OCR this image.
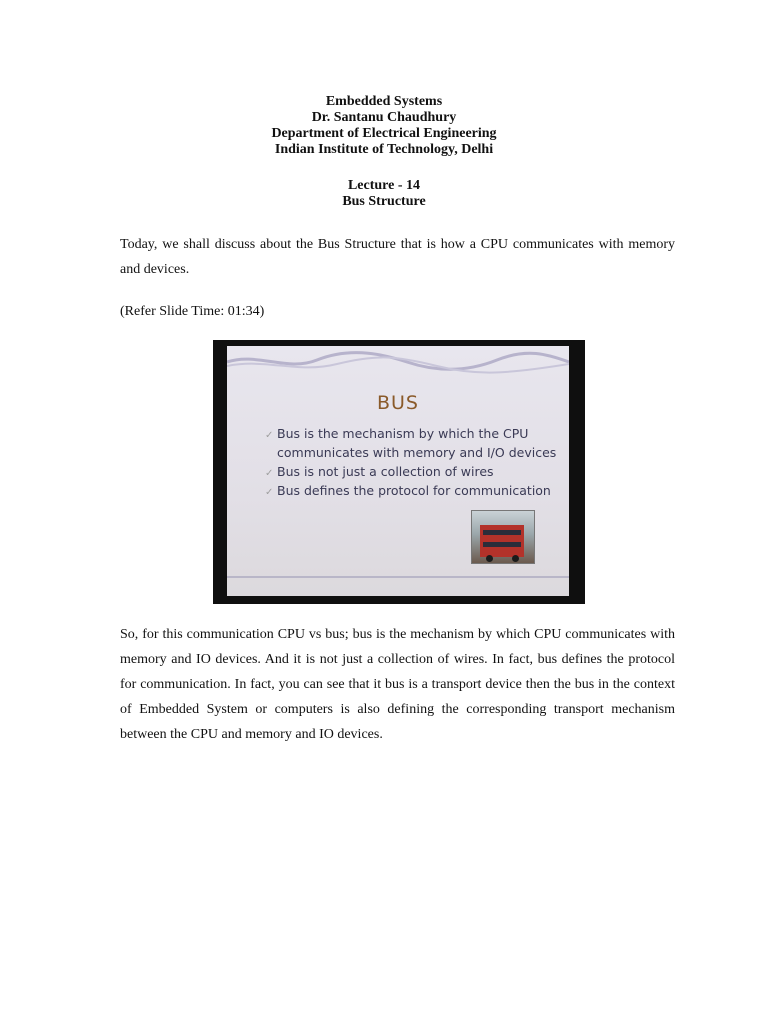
Embedded Systems
Dr. Santanu Chaudhury
Department of Electrical Engineering
Indian Institute of Technology, Delhi
Lecture - 14
Bus Structure

Today, we shall discuss about the Bus Structure that is how a CPU communicates with memory and devices.

(Refer Slide Time: 01:34)

BUS
✓ Bus is the mechanism by which the CPU communicates with memory and I/O devices
✓ Bus is not just a collection of wires
✓ Bus defines the protocol for communication

So, for this communication CPU vs bus; bus is the mechanism by which CPU communicates with memory and IO devices. And it is not just a collection of wires. In fact, bus defines the protocol for communication. In fact, you can see that it bus is a transport device then the bus in the context of Embedded System or computers is also defining the corresponding transport mechanism between the CPU and memory and IO devices.
